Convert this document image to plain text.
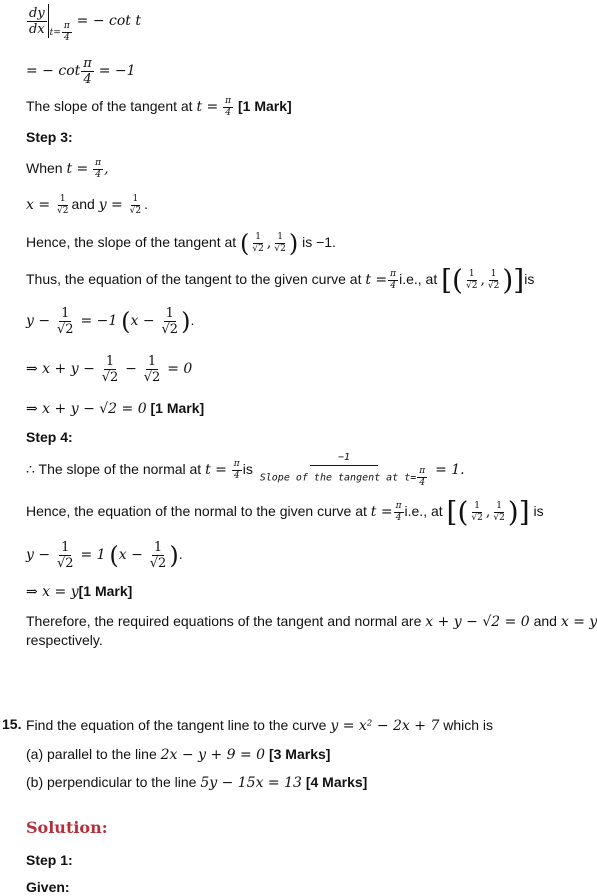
$\frac{dy}{dx} _{t= \frac{\pi}{4}}$
= − cot t
= − $\cot \frac{\pi}{4} = -1$
The slope of the tangent at $t = \frac{\pi}{4} [1$ Mark]
Step 3:
When $t = \frac{\pi}{4}$ ,
$x = \frac{1}{√2}$ and $y = \frac{1}{√2}$ .
Hence, the slope of the tangent at ( $\frac{1}{√2}$ , $\frac{1}{√2}$ ) is −1.
Thus, the equation of the tangent to the given curve at $t = \frac{\pi}{4} i.e$., at [( $\frac{1}{√2}$ , $\frac{1}{√2} )]is$
$y - \frac{1}{√2} = -1$ ($x - \frac{1}{√2}$ ).
⇒ $x + y - \frac{1}{√2} - \frac{1}{√2} = 0$
⇒ x + y − √2 = 0 [1 Mark]
Step 4:
∴ The slope of the normal at $t = \frac{\pi}{4}$ is $\frac{-1}{Slope of the tangent at t= \frac{\pi}{4}} = 1$.
Hence, the equation of the normal to the given curve at $t = \frac{\pi}{4} i.e$., at [( $\frac{1}{√2}$ , $\frac{1}{√2}$ )] is
$y - \frac{1}{√2} = 1$ ($x - \frac{1}{√2}$ ).
⇒ x = y[1 Mark]
Therefore, the required equations of the tangent and normal are x + y − √2 = 0 and x = y
respectively.
15. Find the equation of the tangent line to the curve y = x² − 2x + 7 which is
(a) parallel to the line 2x − y + 9 = 0 [3 Marks]
(b) perpendicular to the line 5y − 15x = 13 [4 Marks]
Solution:
Step 1:
Given:
